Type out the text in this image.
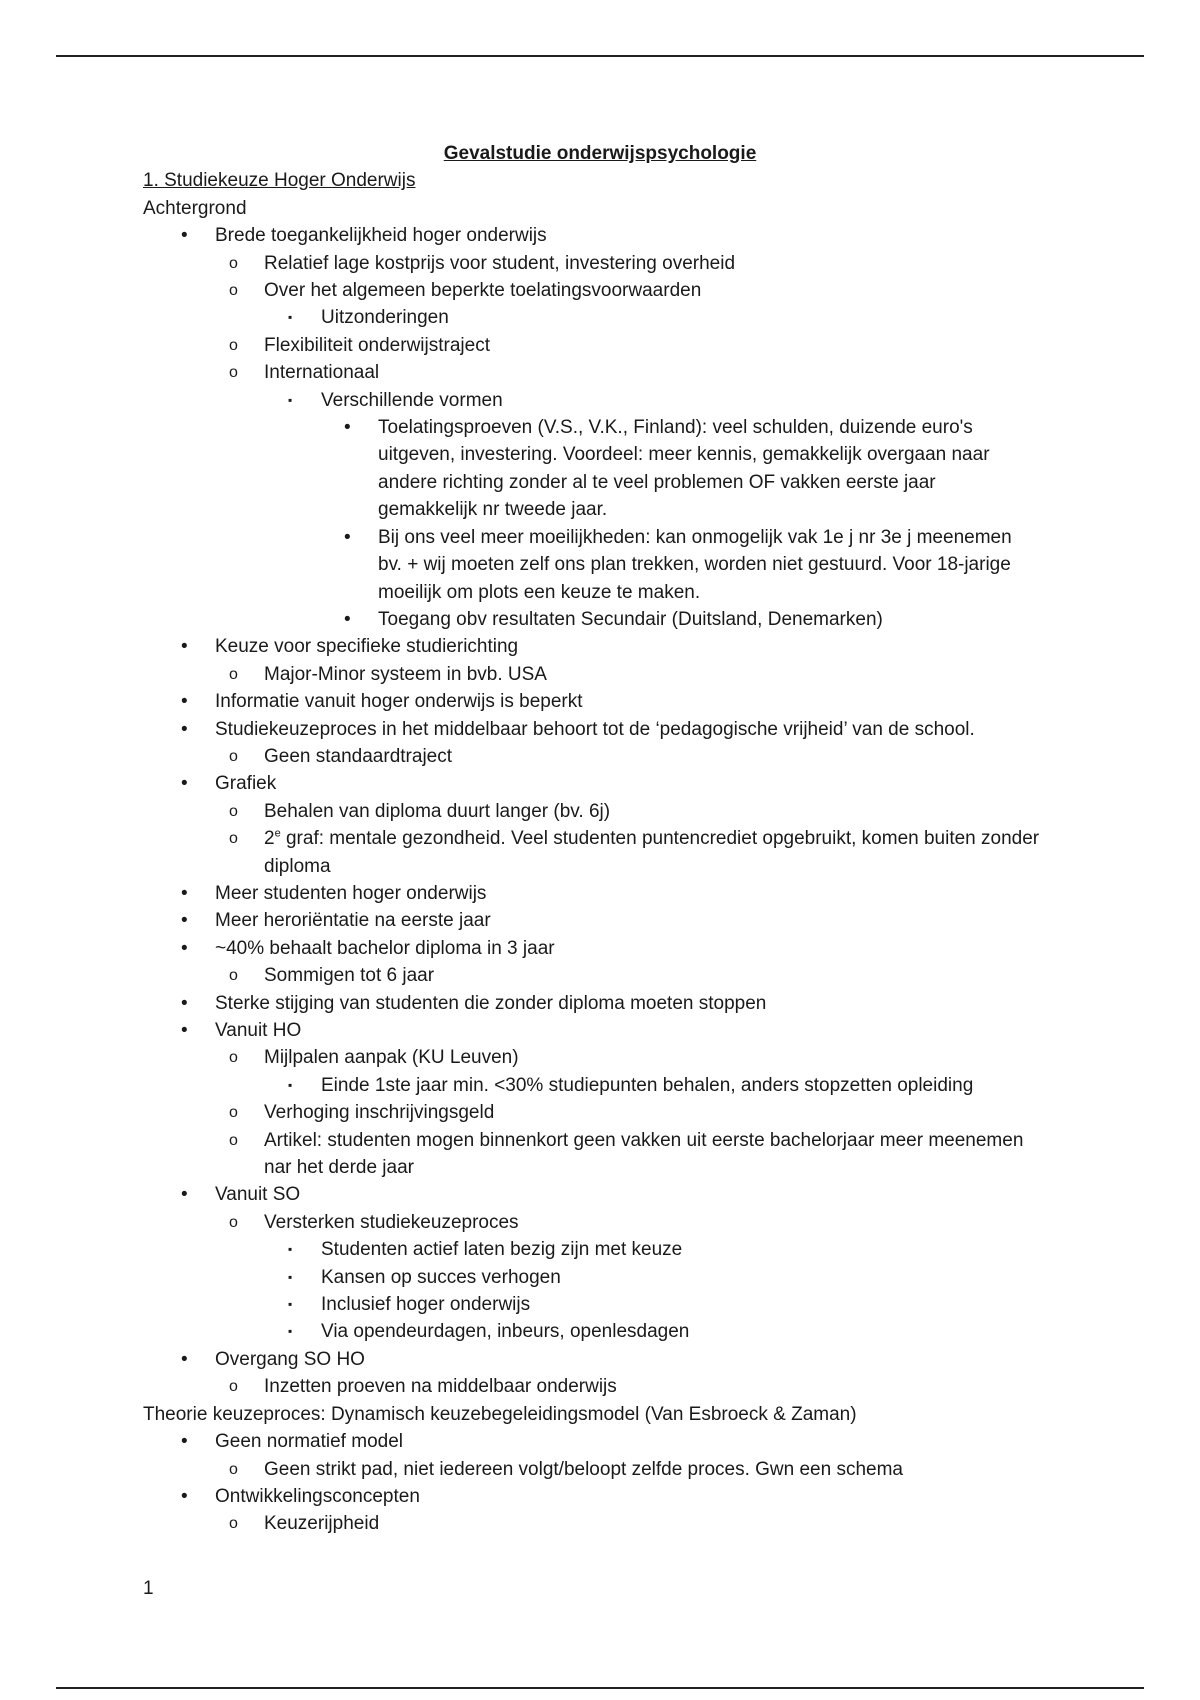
Gevalstudie onderwijspsychologie

1. Studiekeuze Hoger Onderwijs

Achtergrond

• Brede toegankelijkheid hoger onderwijs

o Relatief lage kostprijs voor student, investering overheid

o Over het algemeen beperkte toelatingsvoorwaarden

▪ Uitzonderingen

o Flexibiliteit onderwijstraject

o Internationaal

▪ Verschillende vormen

• Toelatingsproeven (V.S., V.K., Finland): veel schulden, duizende euro's uitgeven, investering. Voordeel: meer kennis, gemakkelijk overgaan naar andere richting zonder al te veel problemen OF vakken eerste jaar gemakkelijk nr tweede jaar.

• Bij ons veel meer moeilijkheden: kan onmogelijk vak 1e j nr 3e j meenemen bv. + wij moeten zelf ons plan trekken, worden niet gestuurd. Voor 18-jarige moeilijk om plots een keuze te maken.

• Toegang obv resultaten Secundair (Duitsland, Denemarken)

• Keuze voor specifieke studierichting

o Major-Minor systeem in bvb. USA

• Informatie vanuit hoger onderwijs is beperkt

• Studiekeuzeproces in het middelbaar behoort tot de ‘pedagogische vrijheid’ van de school.

o Geen standaardtraject

• Grafiek

o Behalen van diploma duurt langer (bv. 6j)

o 2e graf: mentale gezondheid. Veel studenten puntencrediet opgebruikt, komen buiten zonder diploma

• Meer studenten hoger onderwijs

• Meer heroriëntatie na eerste jaar

• ~40% behaalt bachelor diploma in 3 jaar

o Sommigen tot 6 jaar

• Sterke stijging van studenten die zonder diploma moeten stoppen

• Vanuit HO

o Mijlpalen aanpak (KU Leuven)

▪ Einde 1ste jaar min. <30% studiepunten behalen, anders stopzetten opleiding

o Verhoging inschrijvingsgeld

o Artikel: studenten mogen binnenkort geen vakken uit eerste bachelorjaar meer meenemen nar het derde jaar

• Vanuit SO

o Versterken studiekeuzeproces

▪ Studenten actief laten bezig zijn met keuze

▪ Kansen op succes verhogen

▪ Inclusief hoger onderwijs

▪ Via opendeurdagen, inbeurs, openlesdagen

• Overgang SO HO

o Inzetten proeven na middelbaar onderwijs

Theorie keuzeproces: Dynamisch keuzebegeleidingsmodel (Van Esbroeck & Zaman)

• Geen normatief model

o Geen strikt pad, niet iedereen volgt/beloopt zelfde proces. Gwn een schema

• Ontwikkelingsconcepten

o Keuzerijpheid

1
